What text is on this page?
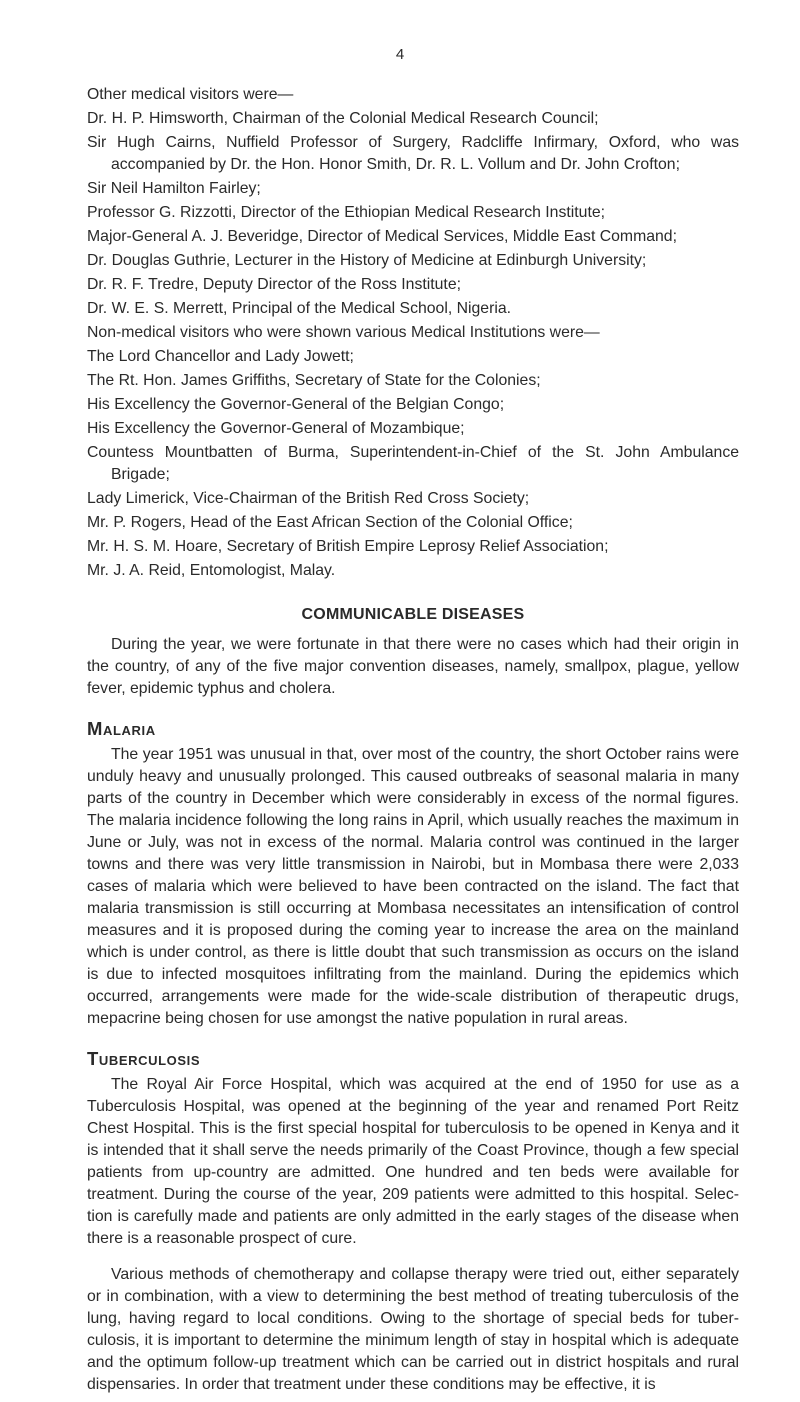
4

Other medical visitors were—

Dr. H. P. Himsworth, Chairman of the Colonial Medical Research Council;

Sir Hugh Cairns, Nuffield Professor of Surgery, Radcliffe Infirmary, Oxford, who was accompanied by Dr. the Hon. Honor Smith, Dr. R. L. Vollum and Dr. John Crofton;

Sir Neil Hamilton Fairley;

Professor G. Rizzotti, Director of the Ethiopian Medical Research Institute;

Major-General A. J. Beveridge, Director of Medical Services, Middle East Command;

Dr. Douglas Guthrie, Lecturer in the History of Medicine at Edinburgh University;

Dr. R. F. Tredre, Deputy Director of the Ross Institute;

Dr. W. E. S. Merrett, Principal of the Medical School, Nigeria.

Non-medical visitors who were shown various Medical Institutions were—

The Lord Chancellor and Lady Jowett;

The Rt. Hon. James Griffiths, Secretary of State for the Colonies;

His Excellency the Governor-General of the Belgian Congo;

His Excellency the Governor-General of Mozambique;

Countess Mountbatten of Burma, Superintendent-in-Chief of the St. John Ambulance Brigade;

Lady Limerick, Vice-Chairman of the British Red Cross Society;

Mr. P. Rogers, Head of the East African Section of the Colonial Office;

Mr. H. S. M. Hoare, Secretary of British Empire Leprosy Relief Association;

Mr. J. A. Reid, Entomologist, Malay.

COMMUNICABLE DISEASES

During the year, we were fortunate in that there were no cases which had their origin in the country, of any of the five major convention diseases, namely, smallpox, plague, yellow fever, epidemic typhus and cholera.

Malaria

The year 1951 was unusual in that, over most of the country, the short October rains were unduly heavy and unusually prolonged. This caused outbreaks of seasonal malaria in many parts of the country in December which were considerably in excess of the normal figures. The malaria incidence following the long rains in April, which usually reaches the maximum in June or July, was not in excess of the normal. Malaria control was continued in the larger towns and there was very little transmission in Nairobi, but in Mombasa there were 2,033 cases of malaria which were believed to have been contracted on the island. The fact that malaria transmission is still occurring at Mombasa necessitates an intensification of control measures and it is proposed during the coming year to increase the area on the mainland which is under control, as there is little doubt that such transmission as occurs on the island is due to infected mosquitoes infiltrating from the mainland. During the epidemics which occurred, arrangements were made for the wide-scale distribution of therapeutic drugs, mepacrine being chosen for use amongst the native population in rural areas.

Tuberculosis

The Royal Air Force Hospital, which was acquired at the end of 1950 for use as a Tuberculosis Hospital, was opened at the beginning of the year and renamed Port Reitz Chest Hospital. This is the first special hospital for tuberculosis to be opened in Kenya and it is intended that it shall serve the needs primarily of the Coast Province, though a few special patients from up-country are admitted. One hundred and ten beds were available for treatment. During the course of the year, 209 patients were admitted to this hospital. Selec-tion is carefully made and patients are only admitted in the early stages of the disease when there is a reasonable prospect of cure.

Various methods of chemotherapy and collapse therapy were tried out, either separately or in combination, with a view to determining the best method of treating tuberculosis of the lung, having regard to local conditions. Owing to the shortage of special beds for tuber-culosis, it is important to determine the minimum length of stay in hospital which is adequate and the optimum follow-up treatment which can be carried out in district hospitals and rural dispensaries. In order that treatment under these conditions may be effective, it is
